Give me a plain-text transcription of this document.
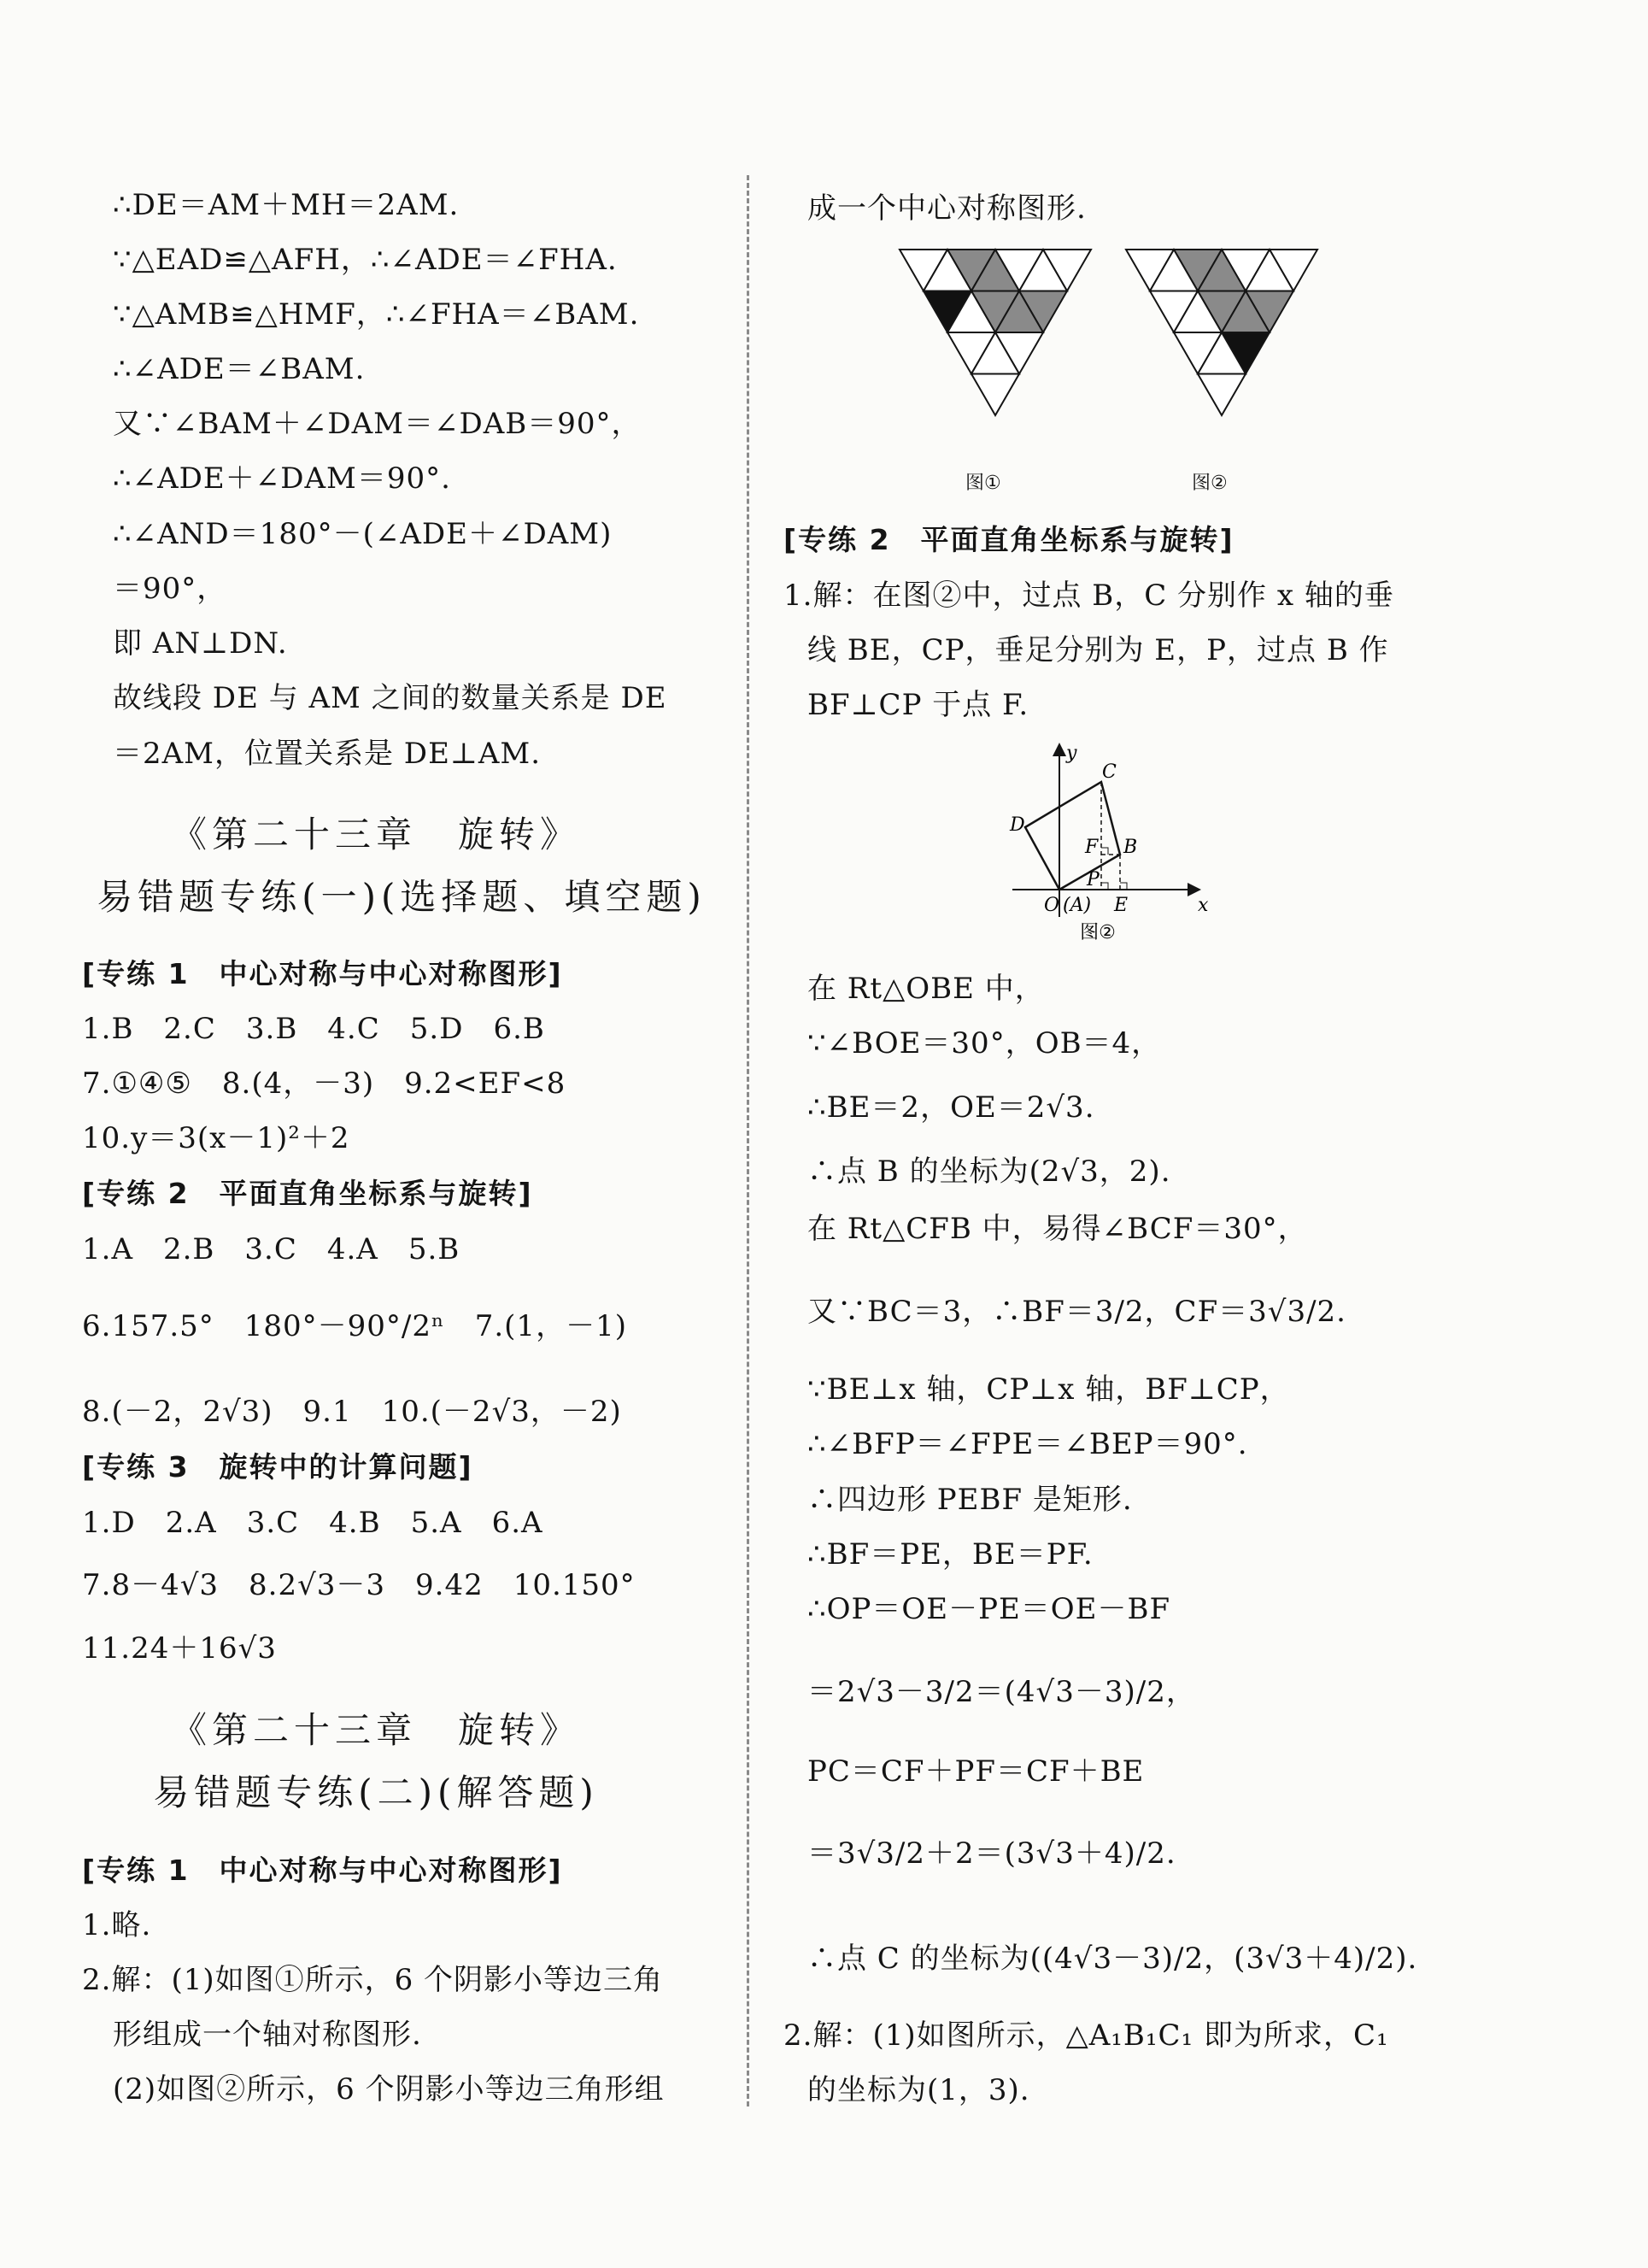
∴DE＝AM＋MH＝2AM.
∵△EAD≌△AFH，∴∠ADE＝∠FHA.
∵△AMB≌△HMF，∴∠FHA＝∠BAM.
∴∠ADE＝∠BAM.
又∵∠BAM＋∠DAM＝∠DAB＝90°，
∴∠ADE＋∠DAM＝90°.
∴∠AND＝180°－(∠ADE＋∠DAM)
＝90°，
即 AN⊥DN.
故线段 DE 与 AM 之间的数量关系是 DE
＝2AM，位置关系是 DE⊥AM.
《第二十三章　旋转》
易错题专练(一)(选择题、填空题)
[专练 1　中心对称与中心对称图形]
1.B　2.C　3.B　4.C　5.D　6.B
7.①④⑤　8.(4，－3)　9.2<EF<8
10.y＝3(x－1)²＋2
[专练 2　平面直角坐标系与旋转]
1.A　2.B　3.C　4.A　5.B
6.157.5°　180°－90°/2ⁿ　7.(1，－1)
8.(－2，2√3)　9.1　10.(－2√3，－2)
[专练 3　旋转中的计算问题]
1.D　2.A　3.C　4.B　5.A　6.A
7.8－4√3　8.2√3－3　9.42　10.150°
11.24＋16√3
《第二十三章　旋转》
易错题专练(二)(解答题)
[专练 1　中心对称与中心对称图形]
1.略.
2.解：(1)如图①所示，6 个阴影小等边三角
形组成一个轴对称图形.
(2)如图②所示，6 个阴影小等边三角形组
成一个中心对称图形.
图①	图②
[专练 2　平面直角坐标系与旋转]
1.解：在图②中，过点 B，C 分别作 x 轴的垂
线 BE，CP，垂足分别为 E，P，过点 B 作
BF⊥CP 于点 F.
y
x
C
D
F B
P
O (A) E
图②
在 Rt△OBE 中，
∵∠BOE＝30°，OB＝4，
∴BE＝2，OE＝2√3.
∴点 B 的坐标为(2√3，2).
在 Rt△CFB 中，易得∠BCF＝30°，
又∵BC＝3，∴BF＝3/2，CF＝3√3/2.
∵BE⊥x 轴，CP⊥x 轴，BF⊥CP，
∴∠BFP＝∠FPE＝∠BEP＝90°.
∴四边形 PEBF 是矩形.
∴BF＝PE，BE＝PF.
∴OP＝OE－PE＝OE－BF
＝2√3－3/2＝(4√3－3)/2，
PC＝CF＋PF＝CF＋BE
＝3√3/2＋2＝(3√3＋4)/2.
∴点 C 的坐标为((4√3－3)/2，(3√3＋4)/2).
2.解：(1)如图所示，△A₁B₁C₁ 即为所求，C₁
的坐标为(1，3).
